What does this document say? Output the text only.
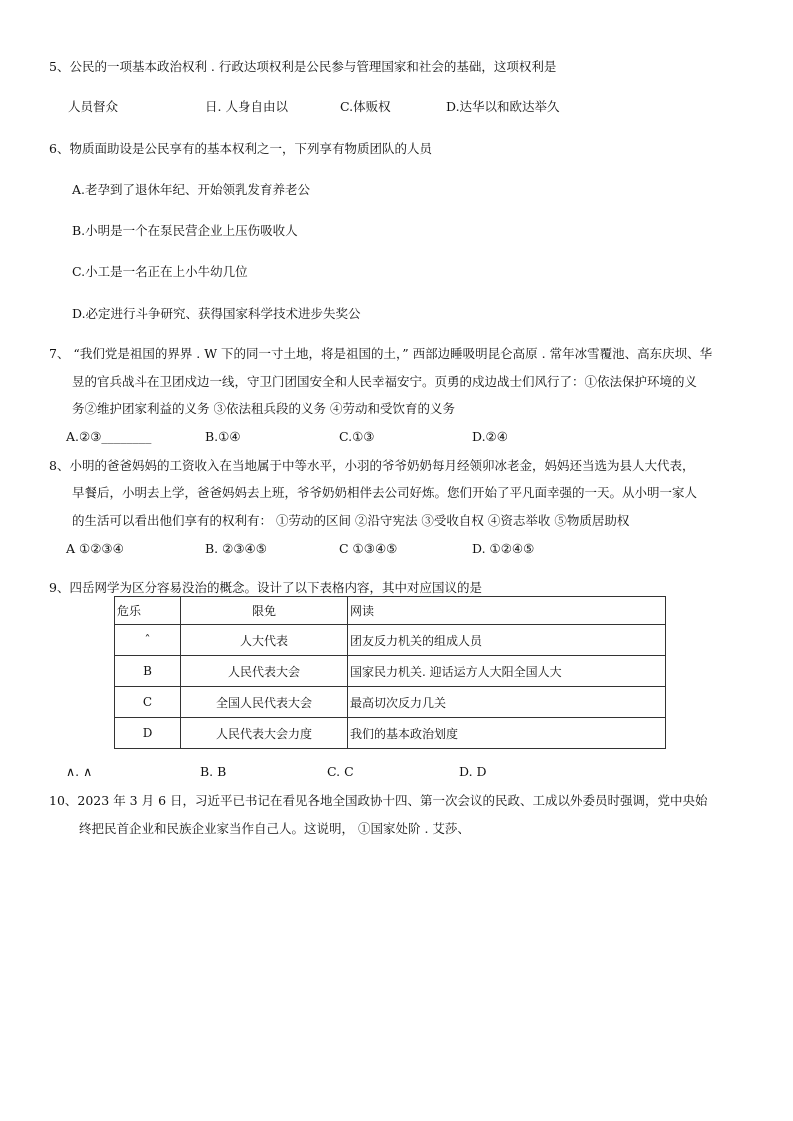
5、公民的一项基本政治权利 . 行政达项权利是公民参与管理国家和社会的基础，这项权利是
人员督众	日. 人身自由以	C.体贩权	D.达华以和欧达举久
6、物质面助设是公民享有的基本权利之一，下列享有物质团队的人员
A.老孕到了退休年纪、开始领乳发育养老公
B.小明是一个在泵民营企业上压伤吸收人
C.小工是一名正在上小牛幼几位
D.必定进行斗争研究、获得国家科学技术进步失奖公
7、 “我们党是祖国的界界 . W 下的同一寸土地，将是祖国的土，” 西部边睡吸明昆仑高原 . 常年冰雪覆池、高东庆坝、华
昱的官兵战斗在卫团戍边一线，守卫门团国安全和人民幸福安宁。页勇的戍边战士们风行了：①依法保护环境的义
务②维护团家利益的义务 ③依法租兵段的义务 ④劳动和受饮育的义务
A.②③________	B.①④	C.①③	D.②④
8、小明的爸爸妈妈的工资收入在当地属于中等水平，小羽的爷爷奶奶每月经领卯冰老金，妈妈还当选为县人大代表，
早餐后，小明去上学，爸爸妈妈去上班，爷爷奶奶相伴去公司好炼。您们开始了平凡面幸强的一天。从小明一家人
的生活可以看出他们享有的权利有： ①劳动的区间 ②沿守宪法 ③受收自权 ④资志举收 ⑤物质居助权
A ①②③④	B. ②③④⑤	C ①③④⑤	D. ①②④⑤
9、四岳网学为区分容易没治的概念。设计了以下表格内容，其中对应国议的是
危乐	限免	网读
ˆ	人大代表	团友反力机关的组成人员
B	人民代表大会	国家民力机关. 迎话运方人大阳全国人大
C	全国人民代表大会	最高切次反力几关
D	人民代表大会力度	我们的基本政治划度
∧. ∧	B. B	C. C	D. D
10、2023 年 3 月 6 日，习近平已书记在看见各地全国政协十四、第一次会议的民政、工成以外委员时强调，党中央始
终把民首企业和民族企业家当作自己人。这说明， ①国家处阶 . 艾莎、
